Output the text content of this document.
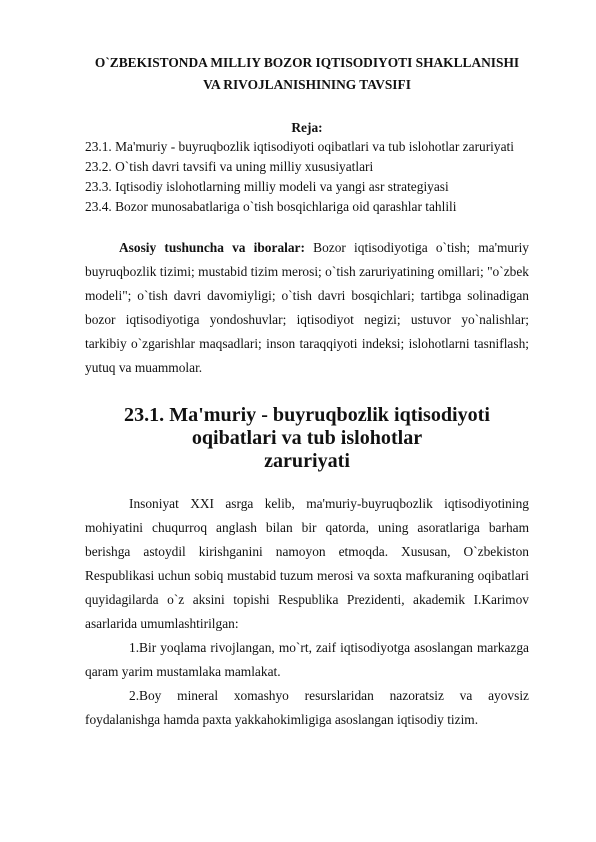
O`ZBEKISTONDA MILLIY BOZOR IQTISODIYOTI SHAKLLANISHI
VA RIVOJLANISHINING TAVSIFI
Reja:
23.1. Ma'muriy - buyruqbozlik iqtisodiyoti oqibatlari va tub islohotlar zaruriyati
23.2. O`tish davri tavsifi va uning milliy xususiyatlari
23.3. Iqtisodiy islohotlarning milliy modeli va yangi asr strategiyasi
23.4. Bozor munosabatlariga o`tish bosqichlariga oid qarashlar tahlili

Asosiy tushuncha va iboralar: Bozor iqtisodiyotiga o`tish; ma'muriy buyruqbozlik tizimi; mustabid tizim merosi; o`tish zaruriyatining omillari; "o`zbek modeli"; o`tish davri davomiyligi; o`tish davri bosqichlari; tartibga solinadigan bozor iqtisodiyotiga yondoshuvlar; iqtisodiyot negizi; ustuvor yo`nalishlar; tarkibiy o`zgarishlar maqsadlari; inson taraqqiyoti indeksi; islohotlarni tasniflash; yutuq va muammolar.

23.1. Ma'muriy - buyruqbozlik iqtisodiyoti oqibatlari va tub islohotlar
zaruriyati

Insoniyat XXI asrga kelib, ma'muriy-buyruqbozlik iqtisodiyotining mohiyatini chuqurroq anglash bilan bir qatorda, uning asoratlariga barham berishga astoydil kirishganini namoyon etmoqda. Xususan, O`zbekiston Respublikasi uchun sobiq mustabid tuzum merosi va soxta mafkuraning oqibatlari quyidagilarda o`z aksini topishi Respublika Prezidenti, akademik I.Karimov asarlarida umumlashtirilgan:

1.Bir yoqlama rivojlangan, mo`rt, zaif iqtisodiyotga asoslangan markazga qaram yarim mustamlaka mamlakat.

2.Boy mineral xomashyo resurslaridan nazoratsiz va ayovsiz foydalanishga hamda paxta yakkahokimligiga asoslangan iqtisodiy tizim.
